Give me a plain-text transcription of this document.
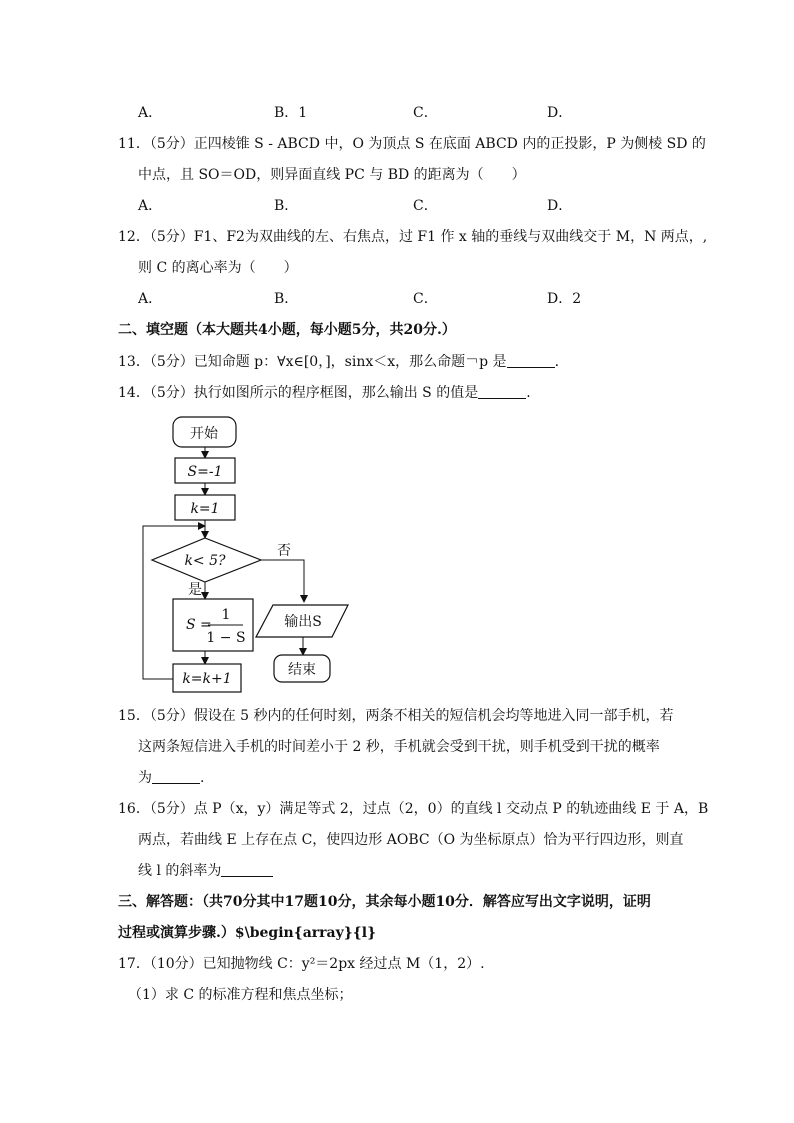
A．	B．1	C．	D．
11．（5分）正四棱锥 S - ABCD 中，O 为顶点 S 在底面 ABCD 内的正投影，P 为侧棱 SD 的
中点，且 SO＝OD，则异面直线 PC 与 BD 的距离为（　　）
A．	B．	C．	D．
12．（5分）F1、F2为双曲线的左、右焦点，过 F1 作 x 轴的垂线与双曲线交于 M，N 两点，,
则 C 的离心率为（　　）
A．	B．	C．	D．2
二、填空题（本大题共4小题，每小题5分，共20分.）
13．（5分）已知命题 p：∀x∈[0，]，sinx＜x，那么命题￢p 是	.
14．（5分）执行如图所示的程序框图，那么输出 S 的值是	.
开始
S=-1
k=1
k< 5?
否
是
S =
1
1 − S
k=k+1
输出S
结束
15．（5分）假设在 5 秒内的任何时刻，两条不相关的短信机会均等地进入同一部手机，若
这两条短信进入手机的时间差小于 2 秒，手机就会受到干扰，则手机受到干扰的概率
为	.
16．（5分）点 P（x，y）满足等式 2，过点（2，0）的直线 l 交动点 P 的轨迹曲线 E 于 A，B
两点，若曲线 E 上存在点 C，使四边形 AOBC（O 为坐标原点）恰为平行四边形，则直
线 l 的斜率为
三、解答题：（共70分其中17题10分，其余每小题10分．解答应写出文字说明，证明
过程或演算步骤.）$\begin{array}{l}
17．（10分）已知抛物线 C：y²＝2px 经过点 M（1，2）.
（1）求 C 的标准方程和焦点坐标；
